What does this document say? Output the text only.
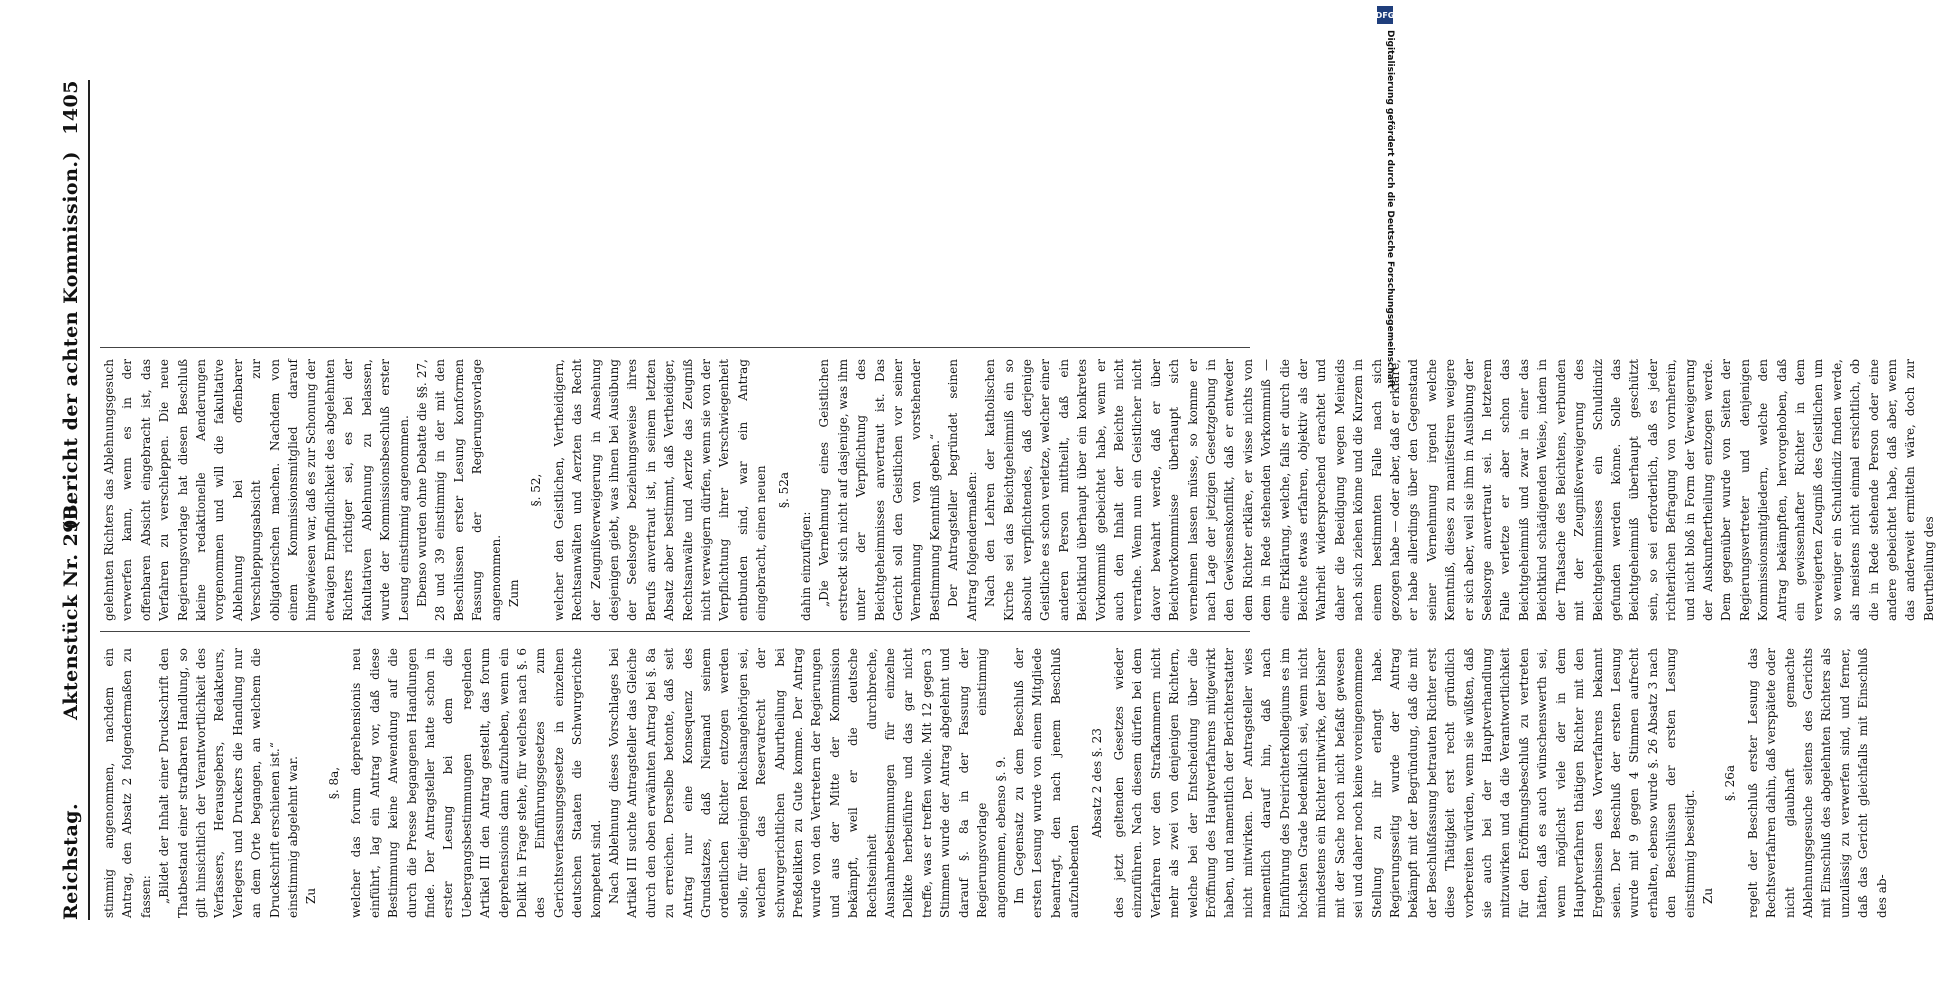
Reichstag.
Aktenstück Nr. 290.
(Bericht der achten Kommission.)
1405

stimmig angenommen, nachdem ein Antrag, den Absatz 2 folgendermaßen zu fassen: „Bildet der Inhalt einer Druckschrift den Thatbestand einer strafbaren Handlung, so gilt hinsichtlich der Verantwortlichkeit des Verfassers, Herausgebers, Redakteurs, Verlegers und Druckers die Handlung nur an dem Orte begangen, an welchem die Druckschrift erschienen ist.“ einstimmig abgelehnt war. Zu

§. 8a, welcher das forum deprehensionis neu einführt, lag ein Antrag vor, daß diese Bestimmung keine Anwendung auf die durch die Presse begangenen Handlungen finde. Der Antragsteller hatte schon in erster Lesung bei dem die Uebergangsbestimmungen regelnden Artikel III den Antrag gestellt, das forum deprehensionis dann aufzuheben, wenn ein Delikt in Frage stehe, für welches nach §. 6 des Einführungsgesetzes zum Gerichtsverfassungsgesetze in einzelnen deutschen Staaten die Schwurgerichte kompetent sind. Nach Ablehnung dieses Vorschlages bei Artikel III suchte Antragsteller das Gleiche durch den oben erwähnten Antrag bei §. 8a zu erreichen. Derselbe betonte, daß seit Antrag nur eine Konsequenz des Grundsatzes, daß Niemand seinem ordentlichen Richter entzogen werden solle, für diejenigen Reichsangehörigen sei, welchen das Reservatrecht der schwurgerichtlichen Aburtheilung bei Preßdelikten zu Gute komme. Der Antrag wurde von den Vertretern der Regierungen und aus der Mitte der Kommission bekämpft, weil er die deutsche Rechtseinheit durchbreche, Ausnahmebestimmungen für einzelne Delikte herbeiführe und das gar nicht treffe, was er treffen wolle. Mit 12 gegen 3 Stimmen wurde der Antrag abgelehnt und darauf §. 8a in der Fassung der Regierungsvorlage einstimmig angenommen, ebenso §. 9. Im Gegensatz zu dem Beschluß der ersten Lesung wurde von einem Mitgliede beantragt, den nach jenem Beschluß aufzuhebenden

Absatz 2 des §. 23 des jetzt geltenden Gesetzes wieder einzuführen. Nach diesem dürfen bei dem Verfahren vor den Strafkammern nicht mehr als zwei von denjenigen Richtern, welche bei der Entscheidung über die Eröffnung des Hauptverfahrens mitgewirkt haben, und namentlich der Berichterstatter nicht mitwirken. Der Antragsteller wies namentlich darauf hin, daß nach Einführung des Dreirichterkollegiums es im höchsten Grade bedenklich sei, wenn nicht mindestens ein Richter mitwirke, der bisher mit der Sache noch nicht befaßt gewesen sei und daher noch keine voreingenommene Stellung zu ihr erlangt habe. Regierungsseitig wurde der Antrag bekämpft mit der Begründung, daß die mit der Beschlußfassung betrauten Richter erst diese Thätigkeit erst recht gründlich vorbereiten würden, wenn sie wüßten, daß sie auch bei der Hauptverhandlung mitzuwirken und da die Verantwortlichkeit für den Eröffnungsbeschluß zu vertreten hätten, daß es auch wünschenswerth sei, wenn möglichst viele der in dem Hauptverfahren thätigen Richter mit den Ergebnissen des Vorverfahrens bekannt seien. Der Beschluß der ersten Lesung wurde mit 9 gegen 4 Stimmen aufrecht erhalten, ebenso wurde §. 26 Absatz 3 nach den Beschlüssen der ersten Lesung einstimmig beseitigt. Zu

§. 26a regelt der Beschluß erster Lesung das Rechtsverfahren dahin, daß verspätete oder nicht glaubhaft gemachte Ablehnungsgesuche seitens des Gerichts mit Einschluß des abgelehnten Richters als unzulässig zu verwerfen sind, und ferner, daß das Gericht gleichfalls mit Einschluß des ab-

gelehnten Richters das Ablehnungsgesuch verwerfen kann, wenn es in der offenbaren Absicht eingebracht ist, das Verfahren zu verschleppen. Die neue Regierungsvorlage hat diesen Beschluß kleine redaktionelle Aenderungen vorgenommen und will die fakultative Ablehnung bei offenbarer Verschleppungsabsicht zur obligatorischen machen. Nachdem von einem Kommissionsmitglied darauf hingewiesen war, daß es zur Schonung der etwaigen Empfindlichkeit des abgelehnten Richters richtiger sei, es bei der fakultativen Ablehnung zu belassen, wurde der Kommissionsbeschluß erster Lesung einstimmig angenommen. Ebenso wurden ohne Debatte die §§. 27, 28 und 39 einstimmig in der mit den Beschlüssen erster Lesung konformen Fassung der Regierungsvorlage angenommen. Zum

§. 52, welcher den Geistlichen, Vertheidigern, Rechtsanwälten und Aerzten das Recht der Zeugnißverweigerung in Ansehung desjenigen giebt, was ihnen bei Ausübung der Seelsorge beziehungsweise ihres Berufs anvertraut ist, in seinem letzten Absatz aber bestimmt, daß Vertheidiger, Rechtsanwälte und Aerzte das Zeugniß nicht verweigern dürfen, wenn sie von der Verpflichtung ihrer Verschwiegenheit entbunden sind, war ein Antrag eingebracht, einen neuen §. 52a

dahin einzufügen: „Die Vernehmung eines Geistlichen erstreckt sich nicht auf dasjenige, was ihm unter der Verpflichtung des Beichtgeheimnisses anvertraut ist. Das Gericht soll den Geistlichen vor seiner Vernehmung von vorstehender Bestimmung Kenntniß geben.“ Der Antragsteller begründet seinen Antrag folgendermaßen: Nach den Lehren der katholischen Kirche sei das Beichtgeheimniß ein so absolut verpflichtendes, daß derjenige Geistliche es schon verletze, welcher einer anderen Person mittheilt, daß ein Beichtkind überhaupt über ein konkretes Vorkommniß gebeichtet habe, wenn er auch den Inhalt der Beichte nicht verrathe. Wenn nun ein Geistlicher nicht davor bewahrt werde, daß er über Beichtvorkommnisse überhaupt sich vernehmen lassen müsse, so komme er nach Lage der jetzigen Gesetzgebung in den Gewissenskonflikt, daß er entweder dem Richter erkläre, er wisse nichts von dem in Rede stehenden Vorkommniß — eine Erklärung, welche, falls er durch die Beichte etwas erfahren, objektiv als der Wahrheit widersprechend erachtet und daher die Beeidigung wegen Meineids nach sich ziehen könne und die Kurzem in einem bestimmten Falle nach sich gezogen habe — oder aber, daß er erkläre, er habe allerdings über den Gegenstand seiner Vernehmung irgend welche Kenntniß, dieses zu manifestiren weigere er sich aber, weil sie ihm in Ausübung der Seelsorge anvertraut sei. In letzterem Falle verletze er aber schon das Beichtgeheimniß und zwar in einer das Beichtkind schädigenden Weise, indem in der Thatsache des Beichtens, verbunden mit der Zeugnißverweigerung des Beichtgeheimnisses ein Schuldindiz gefunden werden könne. Solle das Beichtgeheimniß überhaupt geschützt sein, so sei erforderlich, daß es jeder richterlichen Befragung von vornherein, und nicht bloß in Form der Verweigerung der Auskunftertheilung entzogen werde. Dem gegenüber wurde von Seiten der Regierungsvertreter und denjenigen Kommissionsmitgliedern, welche den Antrag bekämpften, hervorgehoben, daß ein gewissenhafter Richter in dem verweigerten Zeugniß des Geistlichen um so weniger ein Schuldindiz finden werde, als meistens nicht einmal ersichtlich, ob die in Rede stehende Person oder eine andere gebeichtet habe, daß aber, wenn das anderweit ermitteln wäre, doch zur Beurtheilung des

DFG
Digitalisierung gefördert durch die Deutsche Forschungsgemeinschaft
